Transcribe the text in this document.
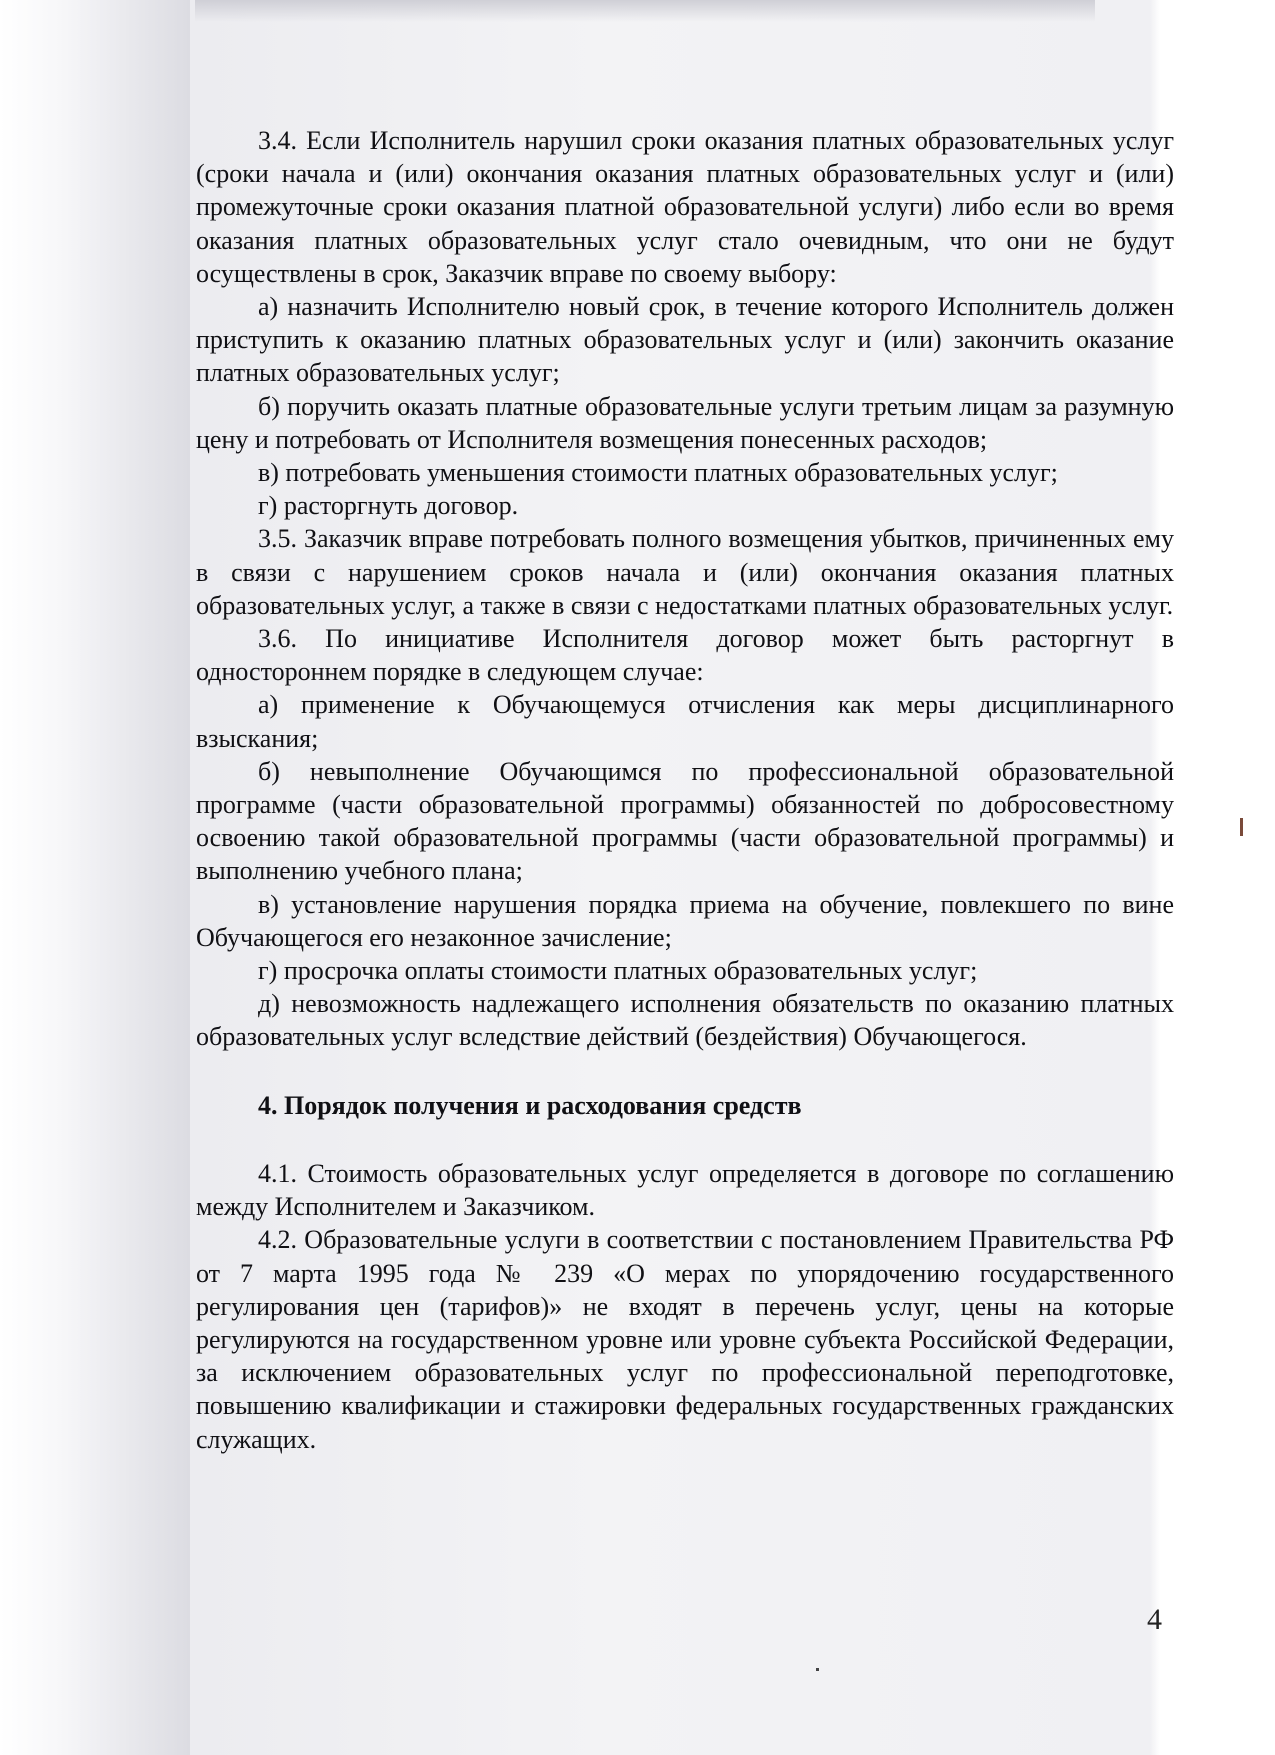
3.4. Если Исполнитель нарушил сроки оказания платных образовательных услуг (сроки начала и (или) окончания оказания платных образовательных услуг и (или) промежуточные сроки оказания платной образовательной услуги) либо если во время оказания платных образовательных услуг стало очевидным, что они не будут осуществлены в срок, Заказчик вправе по своему выбору:

а) назначить Исполнителю новый срок, в течение которого Исполнитель должен приступить к оказанию платных образовательных услуг и (или) закончить оказание платных образовательных услуг;

б) поручить оказать платные образовательные услуги третьим лицам за разумную цену и потребовать от Исполнителя возмещения понесенных расходов;

в) потребовать уменьшения стоимости платных образовательных услуг;

г) расторгнуть договор.

3.5. Заказчик вправе потребовать полного возмещения убытков, причиненных ему в связи с нарушением сроков начала и (или) окончания оказания платных образовательных услуг, а также в связи с недостатками платных образовательных услуг.

3.6. По инициативе Исполнителя договор может быть расторгнут в одностороннем порядке в следующем случае:

а) применение к Обучающемуся отчисления как меры дисциплинарного взыскания;

б) невыполнение Обучающимся по профессиональной образовательной программе (части образовательной программы) обязанностей по добросовестному освоению такой образовательной программы (части образовательной программы) и выполнению учебного плана;

в) установление нарушения порядка приема на обучение, повлекшего по вине Обучающегося его незаконное зачисление;

г) просрочка оплаты стоимости платных образовательных услуг;

д) невозможность надлежащего исполнения обязательств по оказанию платных образовательных услуг вследствие действий (бездействия) Обучающегося.

4. Порядок получения и расходования средств

4.1. Стоимость образовательных услуг определяется в договоре по соглашению между Исполнителем и Заказчиком.

4.2. Образовательные услуги в соответствии с постановлением Правительства РФ от 7 марта 1995 года № 239 «О мерах по упорядочению государственного регулирования цен (тарифов)» не входят в перечень услуг, цены на которые регулируются на государственном уровне или уровне субъекта Российской Федерации, за исключением образовательных услуг по профессиональной переподготовке, повышению квалификации и стажировки федеральных государственных гражданских служащих.

4
